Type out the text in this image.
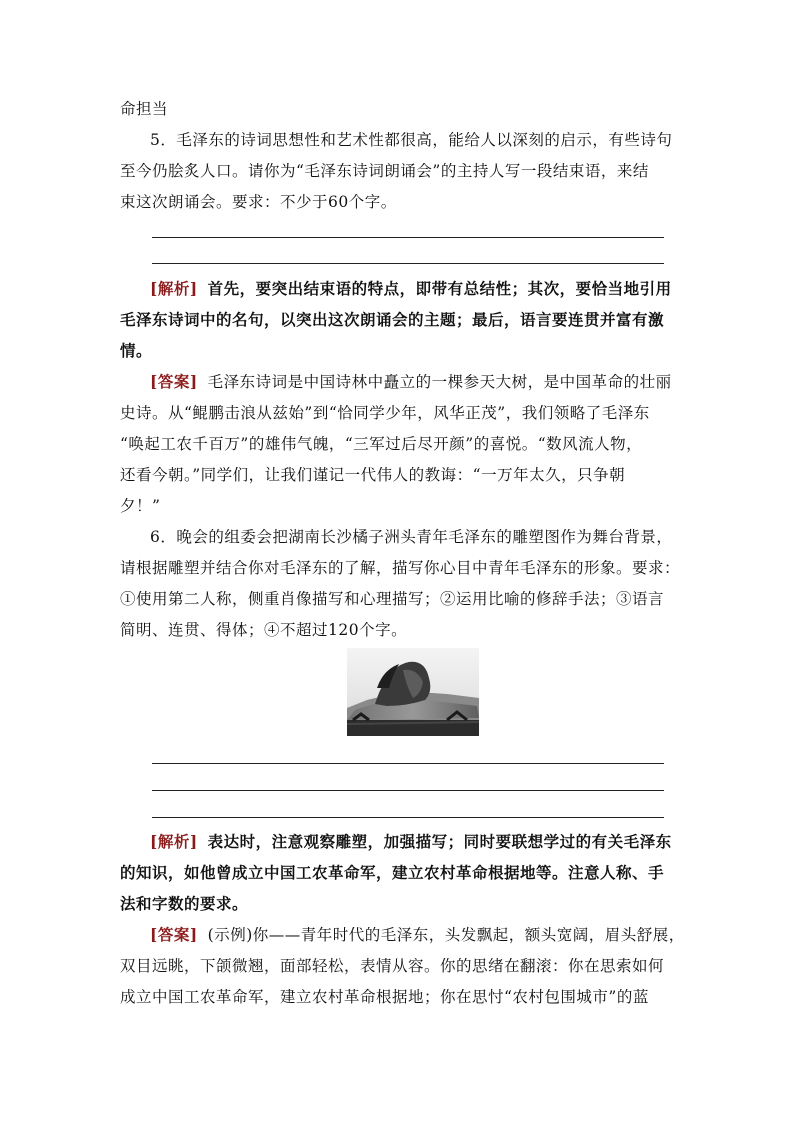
命担当
5．毛泽东的诗词思想性和艺术性都很高，能给人以深刻的启示，有些诗句
至今仍脍炙人口。请你为“毛泽东诗词朗诵会”的主持人写一段结束语，来结
束这次朗诵会。要求：不少于60个字。
[解析] 首先，要突出结束语的特点，即带有总结性；其次，要恰当地引用
毛泽东诗词中的名句，以突出这次朗诵会的主题；最后，语言要连贯并富有激
情。
[答案] 毛泽东诗词是中国诗林中矗立的一棵参天大树，是中国革命的壮丽
史诗。从“鲲鹏击浪从兹始”到“恰同学少年，风华正茂”，我们领略了毛泽东
“唤起工农千百万”的雄伟气魄，“三军过后尽开颜”的喜悦。“数风流人物，
还看今朝。”同学们，让我们谨记一代伟人的教诲：“一万年太久，只争朝
夕！”
6．晚会的组委会把湖南长沙橘子洲头青年毛泽东的雕塑图作为舞台背景，
请根据雕塑并结合你对毛泽东的了解，描写你心目中青年毛泽东的形象。要求：
①使用第二人称，侧重肖像描写和心理描写；②运用比喻的修辞手法；③语言
简明、连贯、得体；④不超过120个字。
[解析] 表达时，注意观察雕塑，加强描写；同时要联想学过的有关毛泽东
的知识，如他曾成立中国工农革命军，建立农村革命根据地等。注意人称、手
法和字数的要求。
[答案] (示例)你——青年时代的毛泽东，头发飘起，额头宽阔，眉头舒展，
双目远眺，下颌微翘，面部轻松，表情从容。你的思绪在翻滚：你在思索如何
成立中国工农革命军，建立农村革命根据地；你在思忖“农村包围城市”的蓝
